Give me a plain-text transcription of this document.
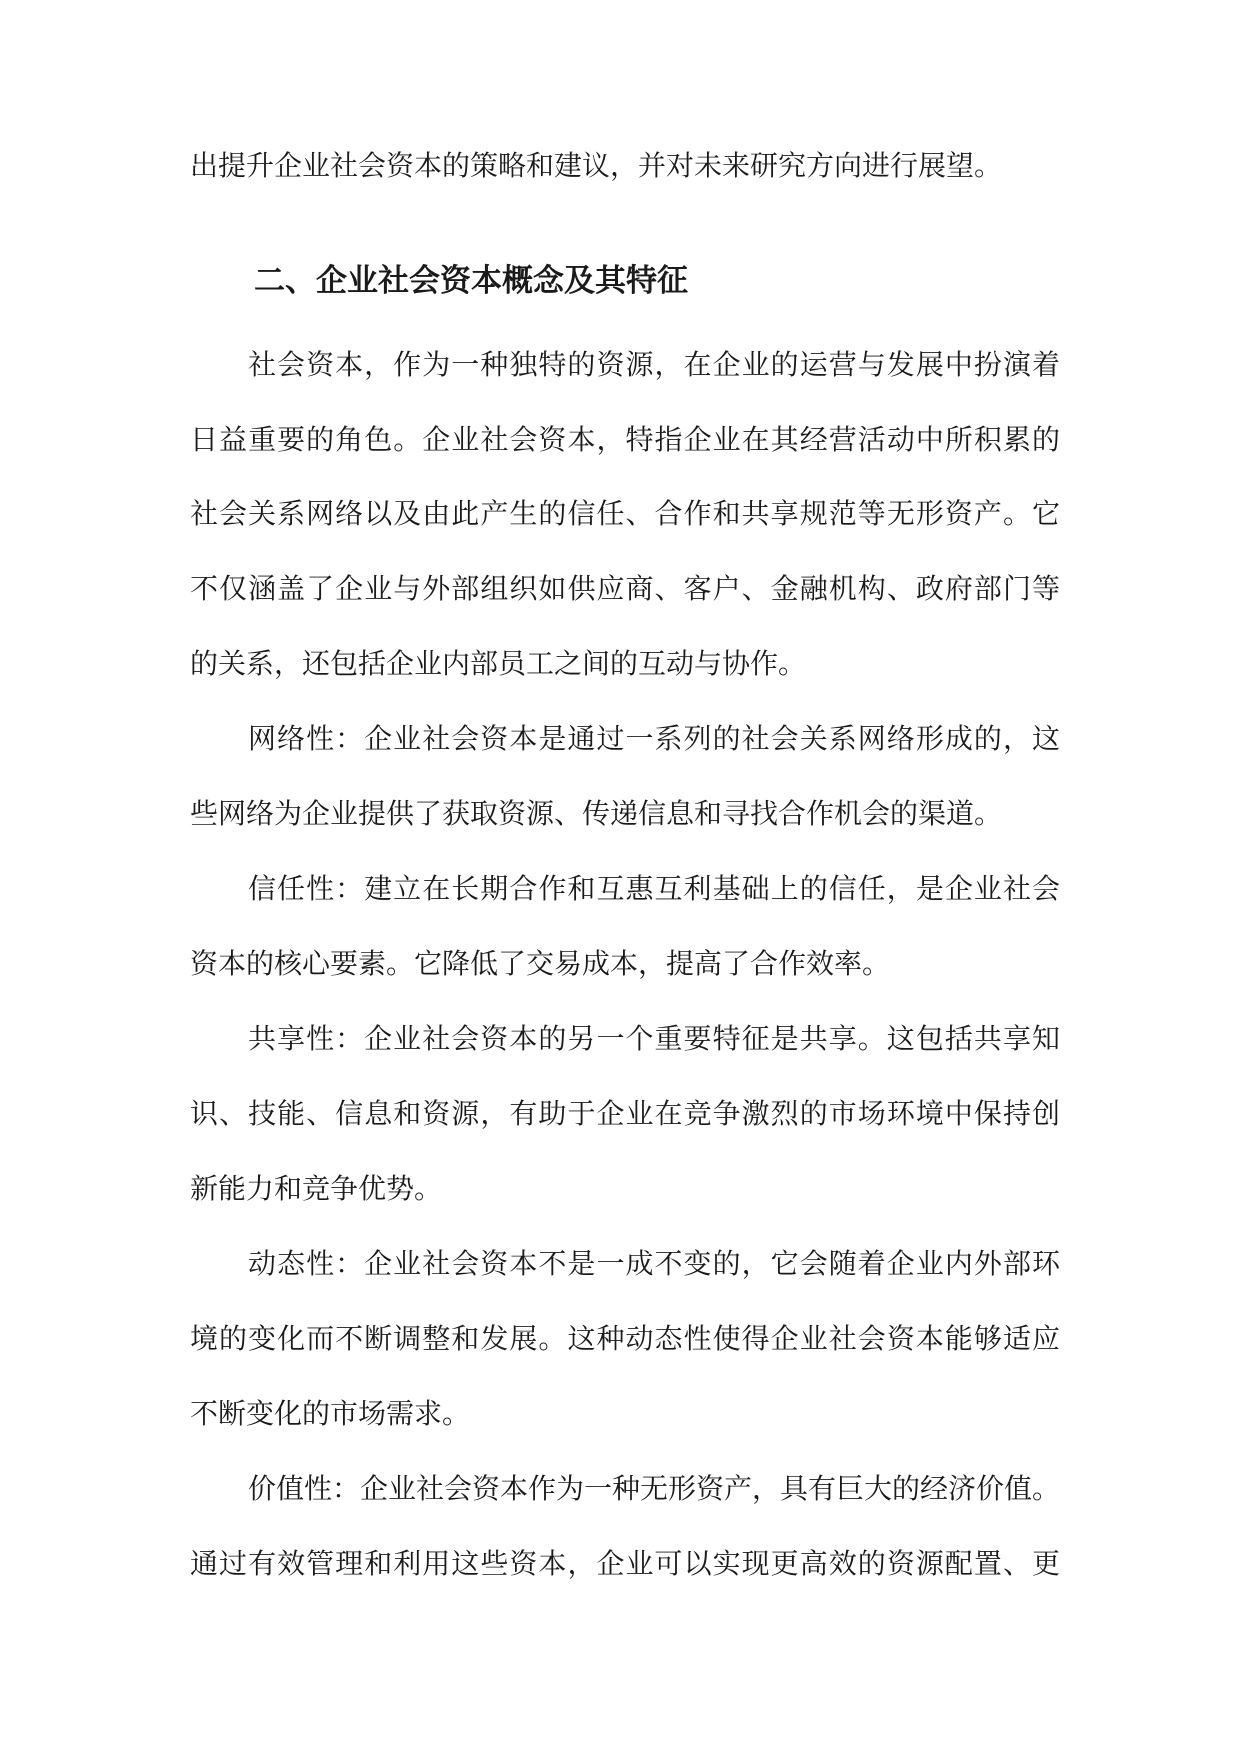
出提升企业社会资本的策略和建议，并对未来研究方向进行展望。
二、企业社会资本概念及其特征
社会资本，作为一种独特的资源，在企业的运营与发展中扮演着
日益重要的角色。企业社会资本，特指企业在其经营活动中所积累的
社会关系网络以及由此产生的信任、合作和共享规范等无形资产。它
不仅涵盖了企业与外部组织如供应商、客户、金融机构、政府部门等
的关系，还包括企业内部员工之间的互动与协作。
网络性：企业社会资本是通过一系列的社会关系网络形成的，这
些网络为企业提供了获取资源、传递信息和寻找合作机会的渠道。
信任性：建立在长期合作和互惠互利基础上的信任，是企业社会
资本的核心要素。它降低了交易成本，提高了合作效率。
共享性：企业社会资本的另一个重要特征是共享。这包括共享知
识、技能、信息和资源，有助于企业在竞争激烈的市场环境中保持创
新能力和竞争优势。
动态性：企业社会资本不是一成不变的，它会随着企业内外部环
境的变化而不断调整和发展。这种动态性使得企业社会资本能够适应
不断变化的市场需求。
价值性：企业社会资本作为一种无形资产，具有巨大的经济价值。
通过有效管理和利用这些资本，企业可以实现更高效的资源配置、更
